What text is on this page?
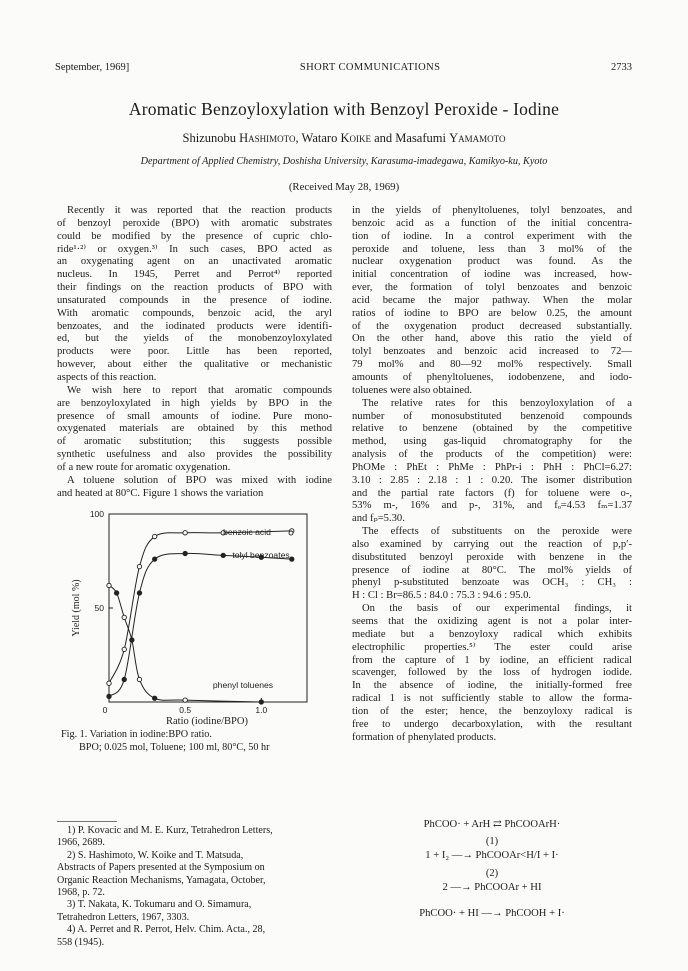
September, 1969]	SHORT COMMUNICATIONS	2733
Aromatic Benzoyloxylation with Benzoyl Peroxide - Iodine
Shizunobu Hashimoto, Wataro Koike and Masafumi Yamamoto
Department of Applied Chemistry, Doshisha University, Karasuma-imadegawa, Kamikyo-ku, Kyoto
(Received May 28, 1969)
Recently it was reported that the reaction products
of benzoyl peroxide (BPO) with aromatic substrates
could be modified by the presence of cupric chlo-
ride¹·²⁾ or oxygen.³⁾ In such cases, BPO acted as
an oxygenating agent on an unactivated aromatic
nucleus. In 1945, Perret and Perrot⁴⁾ reported
their findings on the reaction products of BPO with
unsaturated compounds in the presence of iodine.
With aromatic compounds, benzoic acid, the aryl
benzoates, and the iodinated products were identifi-
ed, but the yields of the monobenzoyloxylated
products were poor. Little has been reported,
however, about either the qualitative or mechanistic
aspects of this reaction.
We wish here to report that aromatic compounds
are benzoyloxylated in high yields by BPO in the
presence of small amounts of iodine. Pure mono-
oxygenated materials are obtained by this method
of aromatic substitution; this suggests possible
synthetic usefulness and also provides the possibility
of a new route for aromatic oxygenation.
A toluene solution of BPO was mixed with iodine
and heated at 80°C. Figure 1 shows the variation
100
50
0	0.5	1.0
Ratio (iodine/BPO)
Yield (mol %)
benzoic acid
tolyl benzoates
phenyl toluenes
Fig. 1. Variation in iodine:BPO ratio.
BPO; 0.025 mol, Toluene; 100 ml, 80°C, 50 hr
in the yields of phenyltoluenes, tolyl benzoates, and
benzoic acid as a function of the initial concentra-
tion of iodine. In a control experiment with the
peroxide and toluene, less than 3 mol% of the
nuclear oxygenation product was found. As the
initial concentration of iodine was increased, how-
ever, the formation of tolyl benzoates and benzoic
acid became the major pathway. When the molar
ratios of iodine to BPO are below 0.25, the amount
of the oxygenation product decreased substantially.
On the other hand, above this ratio the yield of
tolyl benzoates and benzoic acid increased to 72—
79 mol% and 80—92 mol% respectively. Small
amounts of phenyltoluenes, iodobenzene, and iodo-
toluenes were also obtained.
The relative rates for this benzoyloxylation of a
number of monosubstituted benzenoid compounds
relative to benzene (obtained by the competitive
method, using gas-liquid chromatography for the
analysis of the products of the competition) were:
PhOMe : PhEt : PhMe : PhPr-i : PhH : PhCl=6.27:
3.10 : 2.85 : 2.18 : 1 : 0.20. The isomer distribution
and the partial rate factors (f) for toluene were o-,
53% m-, 16% and p-, 31%, and fₒ=4.53 fₘ=1.37
and fₚ=5.30.
The effects of substituents on the peroxide were
also examined by carrying out the reaction of p,p′-
disubstituted benzoyl peroxide with benzene in the
presence of iodine at 80°C. The mol% yields of
phenyl p-substituted benzoate was OCH₃ : CH₃ :
H : Cl : Br=86.5 : 84.0 : 75.3 : 94.6 : 95.0.
On the basis of our experimental findings, it
seems that the oxidizing agent is not a polar inter-
mediate but a benzoyloxy radical which exhibits
electrophilic properties.⁵⁾ The ester could arise
from the capture of 1 by iodine, an efficient radical
scavenger, followed by the loss of hydrogen iodide.
In the absence of iodine, the initially-formed free
radical 1 is not sufficiently stable to allow the forma-
tion of the ester; hence, the benzoyloxy radical is
free to undergo decarboxylation, with the resultant
formation of phenylated products.
1) P. Kovacic and M. E. Kurz, Tetrahedron Letters,
1966, 2689.
2) S. Hashimoto, W. Koike and T. Matsuda,
Abstracts of Papers presented at the Symposium on
Organic Reaction Mechanisms, Yamagata, October,
1968, p. 72.
3) T. Nakata, K. Tokumaru and O. Simamura,
Tetrahedron Letters, 1967, 3303.
4) A. Perret and R. Perrot, Helv. Chim. Acta., 28,
558 (1945).
PhCOO· + ArH ⇄ PhCOOArH·
(1)
1 + I₂ —→ PhCOOAr<H/I + I·
(2)
2 —→ PhCOOAr + HI
PhCOO· + HI —→ PhCOOH + I·
